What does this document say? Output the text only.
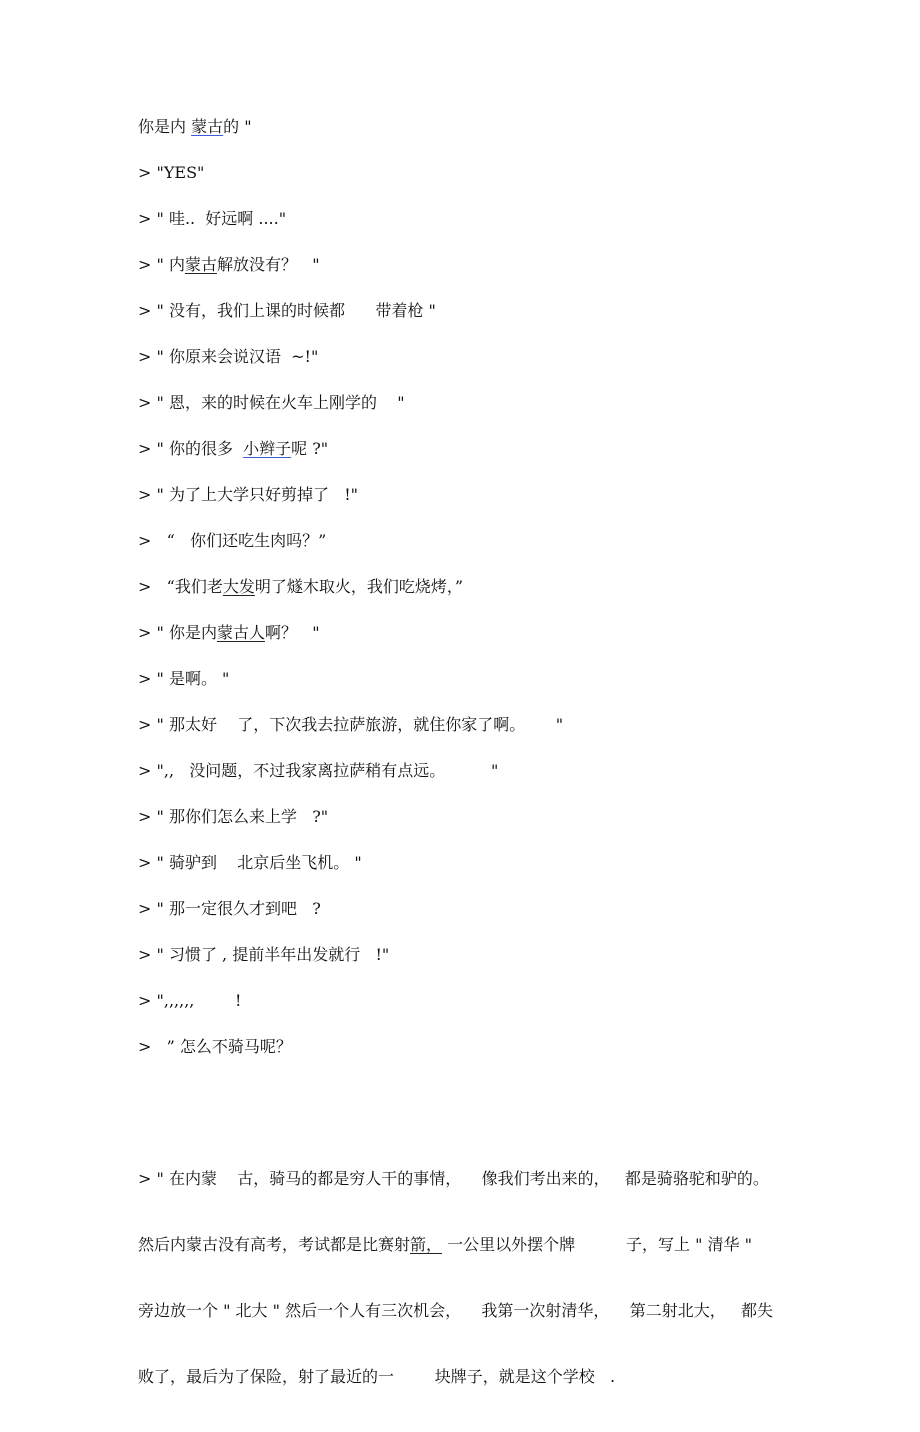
你是内 蒙古的 "
> "YES"
> " 哇..  好远啊 ...."
> " 内蒙古解放没有？   "
> " 没有，我们上课的时候都      带着枪 "
> " 你原来会说汉语  ~!"
> " 恩，来的时候在火车上刚学的    "
> " 你的很多  小辫子呢 ?"
> " 为了上大学只好剪掉了   !"
>   “   你们还吃生肉吗？”
>   “我们老大发明了燧木取火，我们吃烧烤，”
> " 你是内蒙古人啊？   "
> " 是啊。 "
> " 那太好    了，下次我去拉萨旅游，就住你家了啊。      "
> ",,   没问题，不过我家离拉萨稍有点远。         "
> " 那你们怎么来上学   ?"
> " 骑驴到    北京后坐飞机。 "
> " 那一定很久才到吧   ?
> " 习惯了 , 提前半年出发就行   !"
> ",,,,,,        !
>   ” 怎么不骑马呢？

> " 在内蒙    古，骑马的都是穷人干的事情，    像我们考出来的，   都是骑骆驼和驴的。

然后内蒙古没有高考，考试都是比赛射箭， 一公里以外摆个牌          子，写上 " 清华 "

旁边放一个 " 北大 " 然后一个人有三次机会，    我第一次射清华，    第二射北大，   都失

败了，最后为了保险，射了最近的一        块牌子，就是这个学校   .
